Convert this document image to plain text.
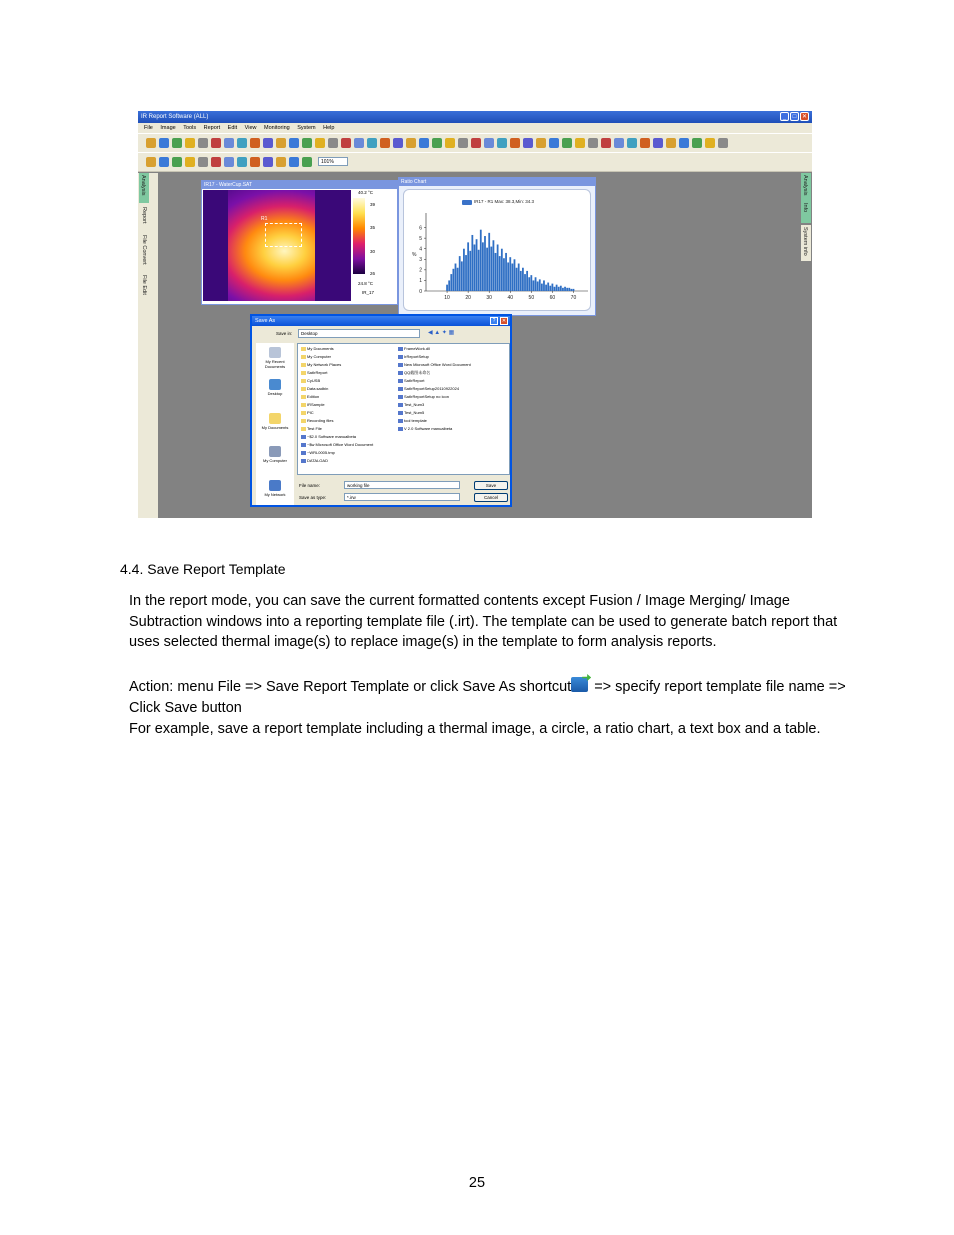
IR Report Software (ALL)	_	□ ✕
File Image Tools Report Edit View Monitoring System Help
101%
Analysis
Report
File Convert
File Edit
Analysis
Info
System info
IR17 - WaterCup.SAT
R1
40.2 °C
39
35
30
26
24.8 °C
IR_17
Ratio Chart
IR17 - R1 Max: 38.3,Min: 34.3
%
0
1
2
3
4
5
6
10	20	30	40	50	60	70
Save As	?	✕
Save in:	Desktop	◀ ▲ ✦ ▦
My Recent Documents
Desktop
My Documents
My Computer
My Network
My Documents
My Computer
My Network Places
SatIrReport
CyUSB
Data.sadbin
Edition
IRSample
PIC
Recording files
Test File
~$2.0 Software manualbeta
~$w Microsoft Office Word Document
~WRL0005.tmp
DATALOAD
FrameWork.dll
IrReportSetup
New Microsoft Office Word Document
QQ截图未命名
SatIrReport
SatIrReportSetup20110922024
SatIrReportSetup no icon
Test_Num3
Test_Num5
tool template
V 2.0 Software manualbeta
File name:	working file
Save as type:	*.irw
Save
Cancel
4.4. Save Report Template
In the report mode, you can save the current formatted contents except Fusion / Image Merging/ Image Subtraction windows into a reporting template file (.irt). The template can be used to generate batch report that uses selected thermal image(s) to replace image(s) in the template to form analysis reports.
Action: menu File => Save Report Template or click Save As shortcut => specify report template file name => Click Save button
For example, save a report template including a thermal image, a circle, a ratio chart, a text box and a table.
25
